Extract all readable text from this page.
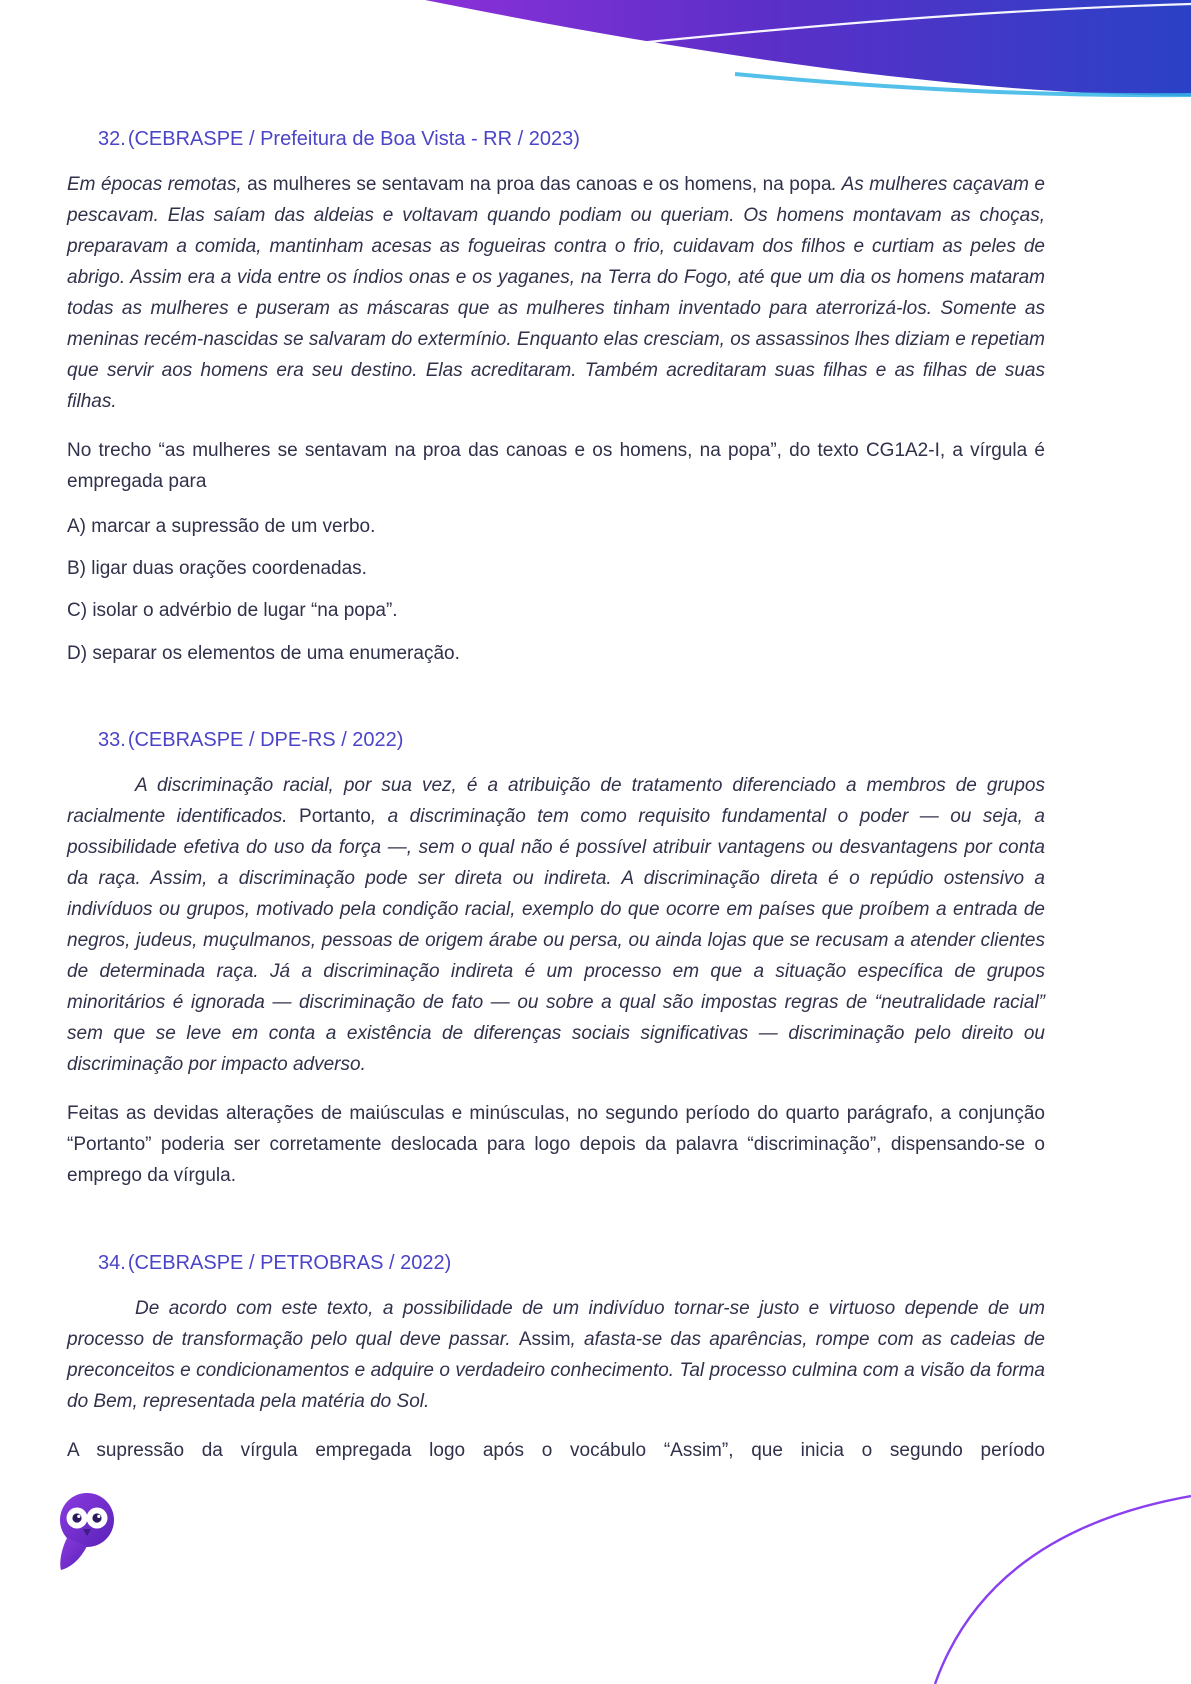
32. (CEBRASPE / Prefeitura de Boa Vista - RR / 2023)

Em épocas remotas, as mulheres se sentavam na proa das canoas e os homens, na popa. As mulheres caçavam e pescavam. Elas saíam das aldeias e voltavam quando podiam ou queriam. Os homens montavam as choças, preparavam a comida, mantinham acesas as fogueiras contra o frio, cuidavam dos filhos e curtiam as peles de abrigo. Assim era a vida entre os índios onas e os yaganes, na Terra do Fogo, até que um dia os homens mataram todas as mulheres e puseram as máscaras que as mulheres tinham inventado para aterrorizá-los. Somente as meninas recém-nascidas se salvaram do extermínio. Enquanto elas cresciam, os assassinos lhes diziam e repetiam que servir aos homens era seu destino. Elas acreditaram. Também acreditaram suas filhas e as filhas de suas filhas.

No trecho “as mulheres se sentavam na proa das canoas e os homens, na popa”, do texto CG1A2-I, a vírgula é empregada para

A) marcar a supressão de um verbo.

B) ligar duas orações coordenadas.

C) isolar o advérbio de lugar “na popa”.

D) separar os elementos de uma enumeração.

33. (CEBRASPE / DPE-RS / 2022)

A discriminação racial, por sua vez, é a atribuição de tratamento diferenciado a membros de grupos racialmente identificados. Portanto, a discriminação tem como requisito fundamental o poder — ou seja, a possibilidade efetiva do uso da força —, sem o qual não é possível atribuir vantagens ou desvantagens por conta da raça. Assim, a discriminação pode ser direta ou indireta. A discriminação direta é o repúdio ostensivo a indivíduos ou grupos, motivado pela condição racial, exemplo do que ocorre em países que proíbem a entrada de negros, judeus, muçulmanos, pessoas de origem árabe ou persa, ou ainda lojas que se recusam a atender clientes de determinada raça. Já a discriminação indireta é um processo em que a situação específica de grupos minoritários é ignorada — discriminação de fato — ou sobre a qual são impostas regras de “neutralidade racial” sem que se leve em conta a existência de diferenças sociais significativas — discriminação pelo direito ou discriminação por impacto adverso.

Feitas as devidas alterações de maiúsculas e minúsculas, no segundo período do quarto parágrafo, a conjunção “Portanto” poderia ser corretamente deslocada para logo depois da palavra “discriminação”, dispensando-se o emprego da vírgula.

34. (CEBRASPE / PETROBRAS / 2022)

De acordo com este texto, a possibilidade de um indivíduo tornar-se justo e virtuoso depende de um processo de transformação pelo qual deve passar. Assim, afasta-se das aparências, rompe com as cadeias de preconceitos e condicionamentos e adquire o verdadeiro conhecimento. Tal processo culmina com a visão da forma do Bem, representada pela matéria do Sol.

A supressão da vírgula empregada logo após o vocábulo “Assim”, que inicia o segundo período
